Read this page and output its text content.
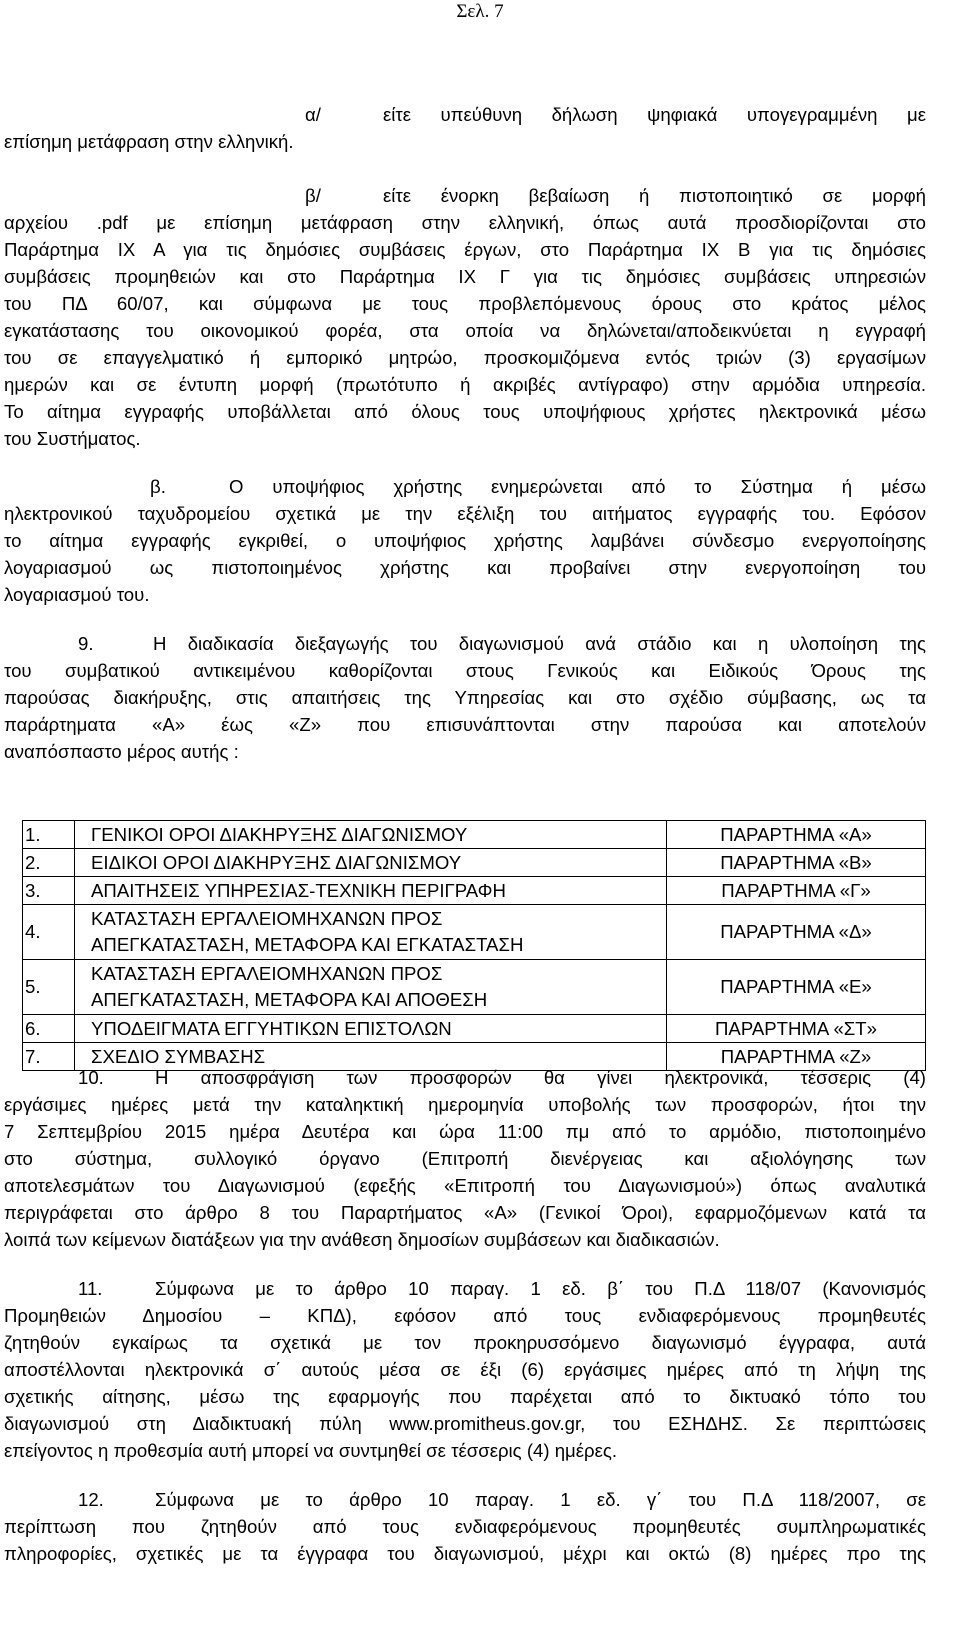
Σελ. 7
α/	είτε υπεύθυνη δήλωση ψηφιακά υπογεγραμμένη με
επίσημη μετάφραση στην ελληνική.
β/	είτε ένορκη βεβαίωση ή πιστοποιητικό σε μορφή
αρχείου .pdf με επίσημη μετάφραση στην ελληνική, όπως αυτά προσδιορίζονται στο
Παράρτημα ΙΧ Α για τις δημόσιες συμβάσεις έργων, στο Παράρτημα ΙΧ Β για τις δημόσιες
συμβάσεις προμηθειών και στο Παράρτημα ΙΧ Γ για τις δημόσιες συμβάσεις υπηρεσιών
του ΠΔ 60/07, και σύμφωνα με τους προβλεπόμενους όρους στο κράτος μέλος
εγκατάστασης του οικονομικού φορέα, στα οποία να δηλώνεται/αποδεικνύεται η εγγραφή
του σε επαγγελματικό ή εμπορικό μητρώο, προσκομιζόμενα εντός τριών (3) εργασίμων
ημερών και σε έντυπη μορφή (πρωτότυπο ή ακριβές αντίγραφο) στην αρμόδια υπηρεσία.
Το αίτημα εγγραφής υποβάλλεται από όλους τους υποψήφιους χρήστες ηλεκτρονικά μέσω
του Συστήματος.
β.	Ο υποψήφιος χρήστης ενημερώνεται από το Σύστημα ή μέσω
ηλεκτρονικού ταχυδρομείου σχετικά με την εξέλιξη του αιτήματος εγγραφής του. Εφόσον
το αίτημα εγγραφής εγκριθεί, ο υποψήφιος χρήστης λαμβάνει σύνδεσμο ενεργοποίησης
λογαριασμού ως πιστοποιημένος χρήστης και προβαίνει στην ενεργοποίηση του
λογαριασμού του.
9.	Η διαδικασία διεξαγωγής του διαγωνισμού ανά στάδιο και η υλοποίηση της
του συμβατικού αντικειμένου καθορίζονται στους Γενικούς και Ειδικούς Όρους της
παρούσας διακήρυξης, στις απαιτήσεις της Υπηρεσίας και στο σχέδιο σύμβασης, ως τα
παράρτηματα «Α» έως «Ζ» που επισυνάπτονται στην παρούσα και αποτελούν
αναπόσπαστο μέρος αυτής :
1.	ΓΕΝΙΚΟΙ ΟΡΟΙ ΔΙΑΚΗΡΥΞΗΣ ΔΙΑΓΩΝΙΣΜΟΥ	ΠΑΡΑΡΤΗΜΑ «Α»
2.	ΕΙΔΙΚΟΙ ΟΡΟΙ ΔΙΑΚΗΡΥΞΗΣ ΔΙΑΓΩΝΙΣΜΟΥ	ΠΑΡΑΡΤΗΜΑ «Β»
3.	ΑΠΑΙΤΗΣΕΙΣ ΥΠΗΡΕΣΙΑΣ-ΤΕΧΝΙΚΗ ΠΕΡΙΓΡΑΦΗ	ΠΑΡΑΡΤΗΜΑ «Γ»
4.	ΚΑΤΑΣΤΑΣΗ ΕΡΓΑΛΕΙΟΜΗΧΑΝΩΝ ΠΡΟΣ
ΑΠΕΓΚΑΤΑΣΤΑΣΗ, ΜΕΤΑΦΟΡΑ ΚΑΙ ΕΓΚΑΤΑΣΤΑΣΗ	ΠΑΡΑΡΤΗΜΑ «Δ»
5.	ΚΑΤΑΣΤΑΣΗ ΕΡΓΑΛΕΙΟΜΗΧΑΝΩΝ ΠΡΟΣ
ΑΠΕΓΚΑΤΑΣΤΑΣΗ, ΜΕΤΑΦΟΡΑ ΚΑΙ ΑΠΟΘΕΣΗ	ΠΑΡΑΡΤΗΜΑ «Ε»
6.	ΥΠΟΔΕΙΓΜΑΤΑ ΕΓΓΥΗΤΙΚΩΝ ΕΠΙΣΤΟΛΩΝ	ΠΑΡΑΡΤΗΜΑ «ΣΤ»
7.	ΣΧΕΔΙΟ ΣΥΜΒΑΣΗΣ	ΠΑΡΑΡΤΗΜΑ «Ζ»
10.	Η αποσφράγιση των προσφορών θα γίνει ηλεκτρονικά, τέσσερις (4)
εργάσιμες ημέρες μετά την καταληκτική ημερομηνία υποβολής των προσφορών, ήτοι την
7 Σεπτεμβρίου 2015 ημέρα Δευτέρα και ώρα 11:00 πμ από το αρμόδιο, πιστοποιημένο
στο σύστημα, συλλογικό όργανο (Επιτροπή διενέργειας και αξιολόγησης των
αποτελεσμάτων του Διαγωνισμού (εφεξής «Επιτροπή του Διαγωνισμού») όπως αναλυτικά
περιγράφεται στο άρθρο 8 του Παραρτήματος «Α» (Γενικοί Όροι), εφαρμοζόμενων κατά τα
λοιπά των κείμενων διατάξεων για την ανάθεση δημοσίων συμβάσεων και διαδικασιών.
11.	Σύμφωνα με το άρθρο 10 παραγ. 1 εδ. β΄ του Π.Δ 118/07 (Κανονισμός
Προμηθειών Δημοσίου – ΚΠΔ), εφόσον από τους ενδιαφερόμενους προμηθευτές
ζητηθούν εγκαίρως τα σχετικά με τον προκηρυσσόμενο διαγωνισμό έγγραφα, αυτά
αποστέλλονται ηλεκτρονικά σ΄ αυτούς μέσα σε έξι (6) εργάσιμες ημέρες από τη λήψη της
σχετικής αίτησης, μέσω της εφαρμογής που παρέχεται από το δικτυακό τόπο του
διαγωνισμού στη Διαδικτυακή πύλη www.promitheus.gov.gr, του ΕΣΗΔΗΣ. Σε περιπτώσεις
επείγοντος η προθεσμία αυτή μπορεί να συντμηθεί σε τέσσερις (4) ημέρες.
12.	Σύμφωνα με το άρθρο 10 παραγ. 1 εδ. γ΄ του Π.Δ 118/2007, σε
περίπτωση που ζητηθούν από τους ενδιαφερόμενους προμηθευτές συμπληρωματικές
πληροφορίες, σχετικές με τα έγγραφα του διαγωνισμού, μέχρι και οκτώ (8) ημέρες προ της
